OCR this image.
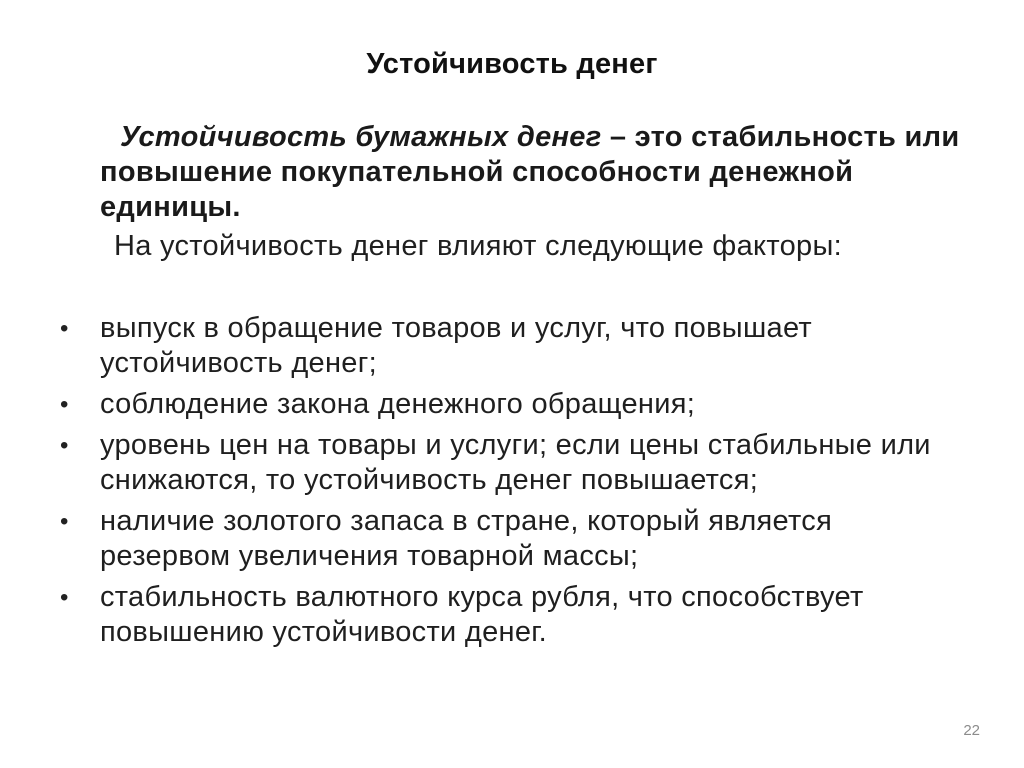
Устойчивость денег
Устойчивость бумажных денег – это стабильность или повышение покупательной способности денежной единицы.
На устойчивость денег влияют следующие факторы:
• выпуск в обращение товаров и услуг, что повышает устойчивость денег;
• соблюдение закона денежного обращения;
• уровень цен на товары и услуги; если цены стабильные или снижаются, то устойчивость денег повышается;
• наличие золотого запаса в стране, который является резервом увеличения товарной массы;
• стабильность валютного курса рубля, что способствует повышению устойчивости денег.
22
